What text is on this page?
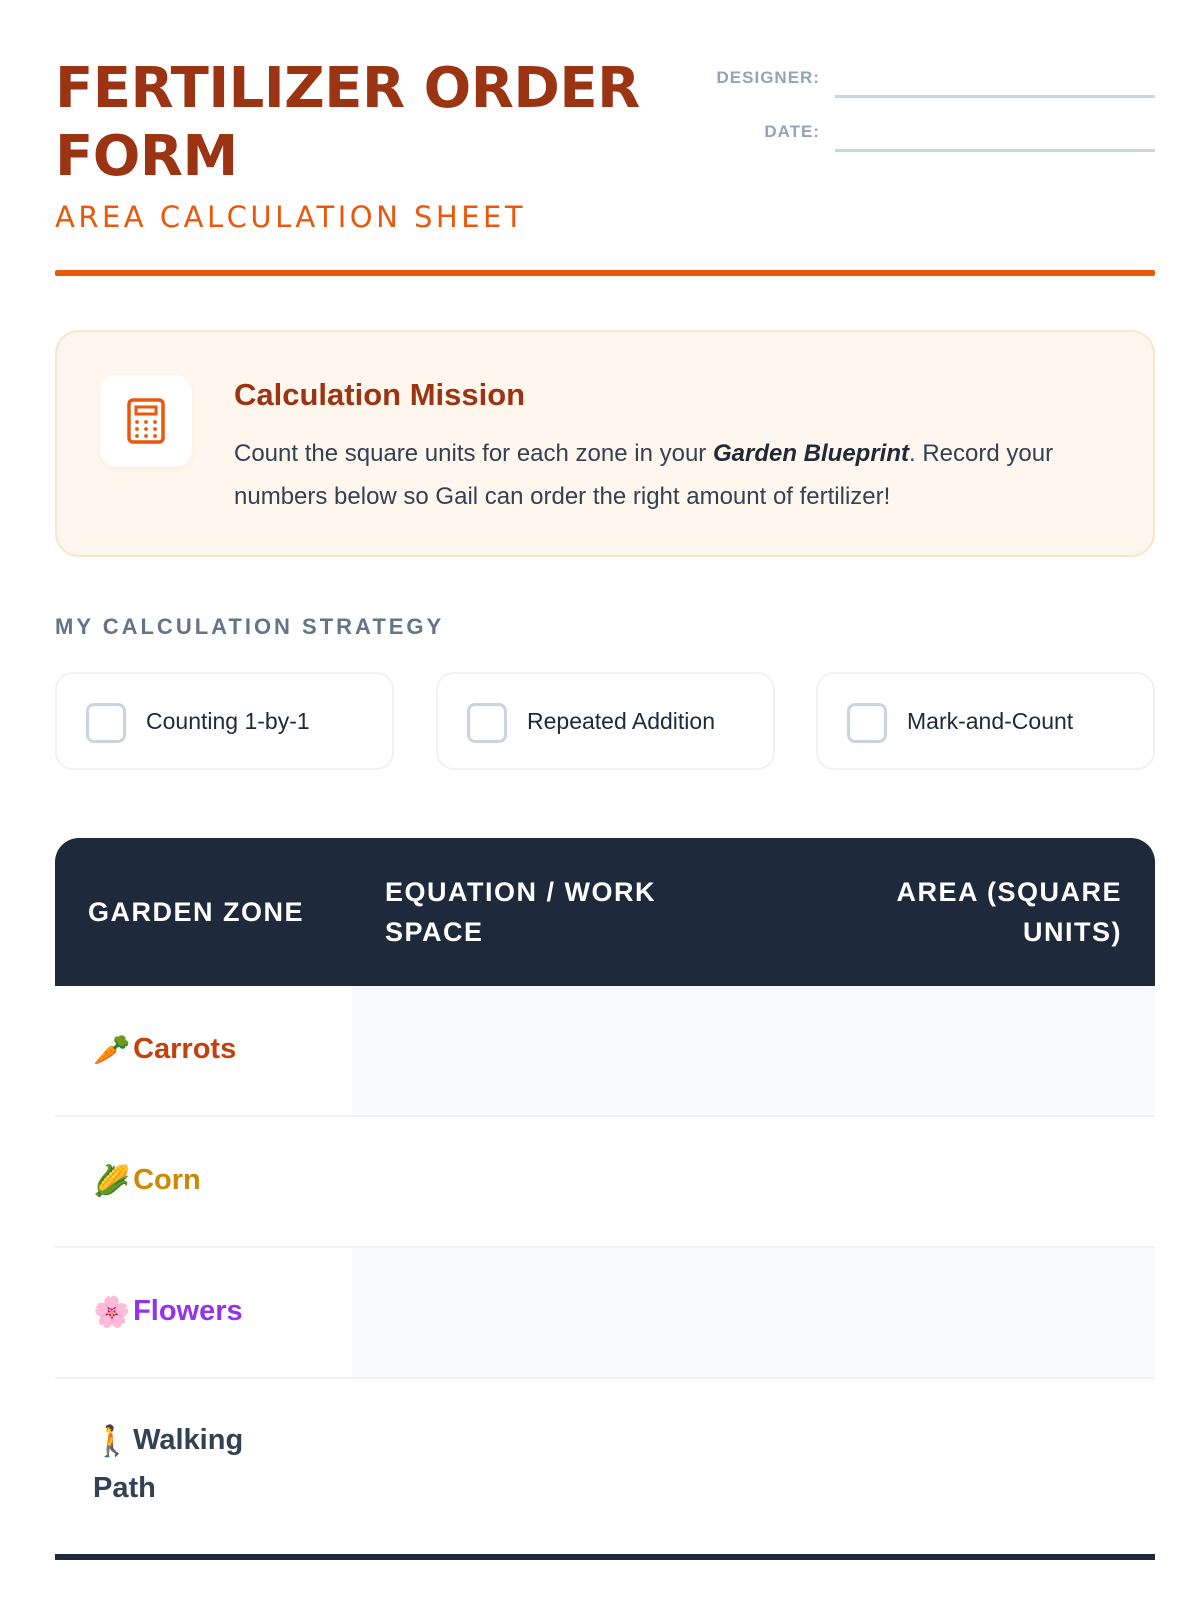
FERTILIZER ORDER FORM
AREA CALCULATION SHEET
DESIGNER:
DATE:
Calculation Mission
Count the square units for each zone in your Garden Blueprint. Record your numbers below so Gail can order the right amount of fertilizer!
MY CALCULATION STRATEGY
Counting 1-by-1	Repeated Addition	Mark-and-Count
GARDEN ZONE
EQUATION / WORK SPACE
AREA (SQUARE UNITS)
🥕 Carrots
🌽 Corn
🌸 Flowers
🚶 Walking Path
